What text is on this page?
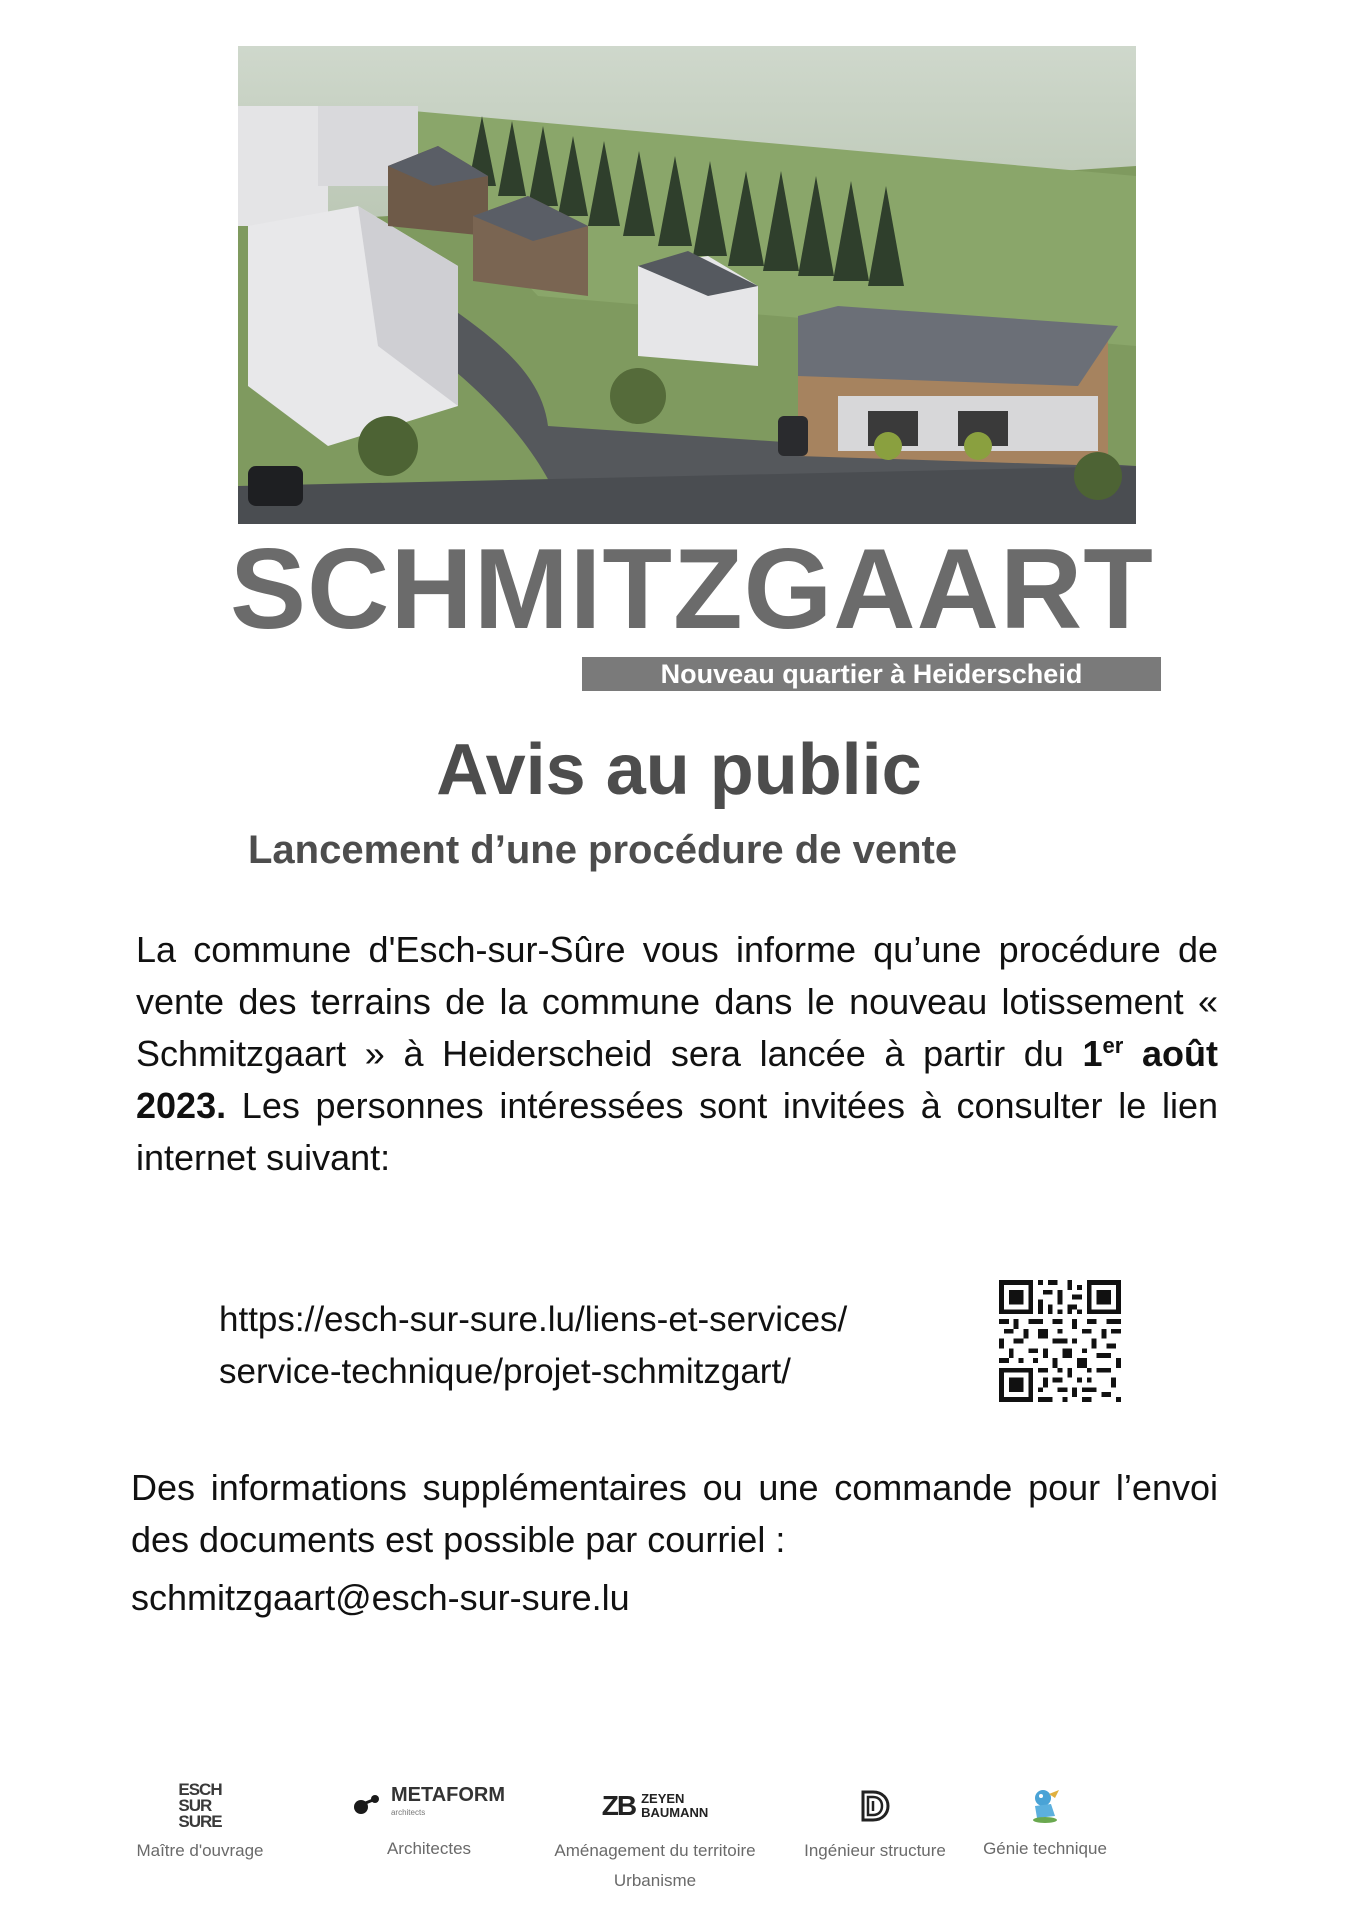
SCHMITZGAART
Nouveau quartier à Heiderscheid
Avis au public
Lancement d’une procédure de vente
La commune d'Esch-sur-Sûre vous informe qu’une procédure de vente des terrains de la commune dans le nouveau lotissement « Schmitzgaart » à Heiderscheid sera lancée à partir du 1er août 2023. Les personnes intéressées sont invitées à consulter le lien internet suivant:
https://esch-sur-sure.lu/liens-et-services/
service-technique/projet-schmitzgart/
Des informations supplémentaires ou une commande pour l’envoi des documents est possible par courriel :
schmitzgaart@esch-sur-sure.lu
ESCH
SUR
SURE
Maître d'ouvrage
METAFORM
architects
Architectes
ZB ZEYEN
BAUMANN
Aménagement du territoire
Urbanisme
Ingénieur structure	Génie technique
